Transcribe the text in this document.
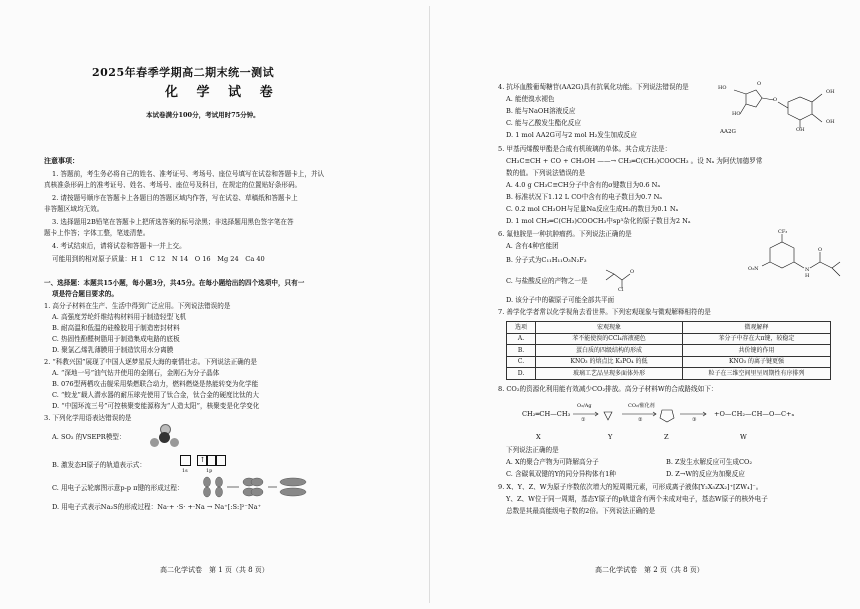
2025年春季学期高二期末统一测试
化 学 试 卷
本试卷满分100分，考试用时75分钟。
注意事项：
1. 答题前，考生务必将自己的姓名、准考证号、考场号、座位号填写在试卷和答题卡上，并认
真核准条形码上的准考证号、姓名、考场号、座位号及科目，在规定的位置贴好条形码。
2. 请按题号顺序在答题卡上各题目的答题区域内作答，写在试卷、草稿纸和答题卡上
非答题区域均无效。
3. 选择题用2B铅笔在答题卡上把所选答案的标号涂黑；非选择题用黑色签字笔在答
题卡上作答；字体工整，笔迹清楚。
4. 考试结束后，请将试卷和答题卡一并上交。
可能用到的相对原子质量：H 1　C 12　N 14　O 16　Mg 24　Ca 40
一、选择题：本题共15小题，每小题3分，共45分。在每小题给出的四个选项中，只有一
项是符合题目要求的。
1. 高分子材料在生产、生活中得到广泛应用。下列说法错误的是
A. 高强度芳纶纤维结构材料用于制造轻型飞机
B. 耐高温和低温的硅橡胶用于制造密封材料
C. 热固性酚醛树脂用于制造集成电路的底板
D. 聚氯乙烯乳薄膜用于制造饮用水分离膜
2. “科教兴国”展现了中国人逐梦星辰大海的豪情壮志。下列说法正确的是
A. “深地一号”油气钻井使用的金刚石，金刚石为分子晶体
B. 076型两栖攻击舰采用柴燃联合动力，燃料燃烧是热能转变为化学能
C. “蛟龙”载人潜水器的耐压球壳使用了钛合金，钛合金的硬度比钛的大
D. “中国环流三号”可控核聚变能源称为“人造太阳”，核聚变是化学变化
3. 下列化学用语表达错误的是
A. SO₂ 的VSEPR模型：
B. 激发态H原子的轨道表示式：
↑
1s	1p
C. 用电子云轮廓图示意p-p π键的形成过程：
D. 用电子式表示Na₂S的形成过程：Na·+ ·S· +·Na → Na⁺[:S:]²⁻Na⁺
高二化学试卷　第 1 页（共 8 页）
4. 抗坏血酸葡萄糖苷(AA2G)具有抗氧化功能。下列说法错误的是
A. 能使溴水褪色
B. 能与NaOH溶液反应
C. 能与乙酸发生酯化反应
D. 1 mol AA2G可与2 mol H₂发生加成反应
HO
HO
OH
OH
OH
O
O
AA2G
5. 甲基丙烯酸甲酯是合成有机玻璃的单体。其合成方法是：
CH₃C≡CH + CO + CH₃OH ——→ CH₂═C(CH₃)COOCH₃ 。设 Nₐ 为阿伏加德罗常
数的值。下列说法错误的是
A. 4.0 g CH₃C≡CH分子中含有的σ键数目为0.6 Nₐ
B. 标准状况下1.12 L CO中含有的电子数目为0.7 Nₐ
C. 0.2 mol CH₃OH与足量Na反应生成H₂的数目为0.1 Nₐ
D. 1 mol CH₂═C(CH₃)COOCH₃中sp³杂化的原子数目为2 Nₐ
6. 氟他胺是一种抗肿瘤药。下列说法正确的是
A. 含有4种官能团
B. 分子式为C₁₁H₁₁O₃N₂F₃
C. 与盐酸反应的产物之一是
D. 该分子中的碳原子可能全部共平面
O
Cl
CF₃
O₂N	N
H
O
7. 善学化学者常以化学视角去看世界。下列宏观现象与微观解释相符的是
选项	宏观现象	微观解释
A.	苯不能使溴的CCl₄溶液褪色	苯分子中存在大π键，较稳定
B.	蛋白质的四级结构的形成	共价键的作用
C.	KNO₃ 的熔点比 K₃PO₄ 的低	KNO₃ 的离子键更强
D.	玻璃工艺品呈现多面体外形	粒子在三维空间里呈周期性有序排列
8. CO₂的资源化利用能有效减少CO₂排放。高分子材料W的合成路线如下：
CH₂═CH—CH₃
O₂/Ag
①
CO₂/催化剂
②	③
+O—CH₂—CH—O—C+ₙ
X	Y	Z	W
下列说法正确的是
A. X的聚合产物为可降解高分子	B. Z发生水解反应可生成CO₂
C. 含碳氧双键的Y的同分异构体有1种	D. Z→W的反应为加聚反应
9. X、Y、Z、W为原子序数依次增大的短周期元素，可形成离子液体[Y₂X₅ZX₂]⁺[ZW₄]⁻。
Y、Z、W位于同一周期，基态Y原子的p轨道含有两个未成对电子，基态W原子的核外电子
总数是其最高能级电子数的2倍。下列说法正确的是
高二化学试卷　第 2 页（共 8 页）
